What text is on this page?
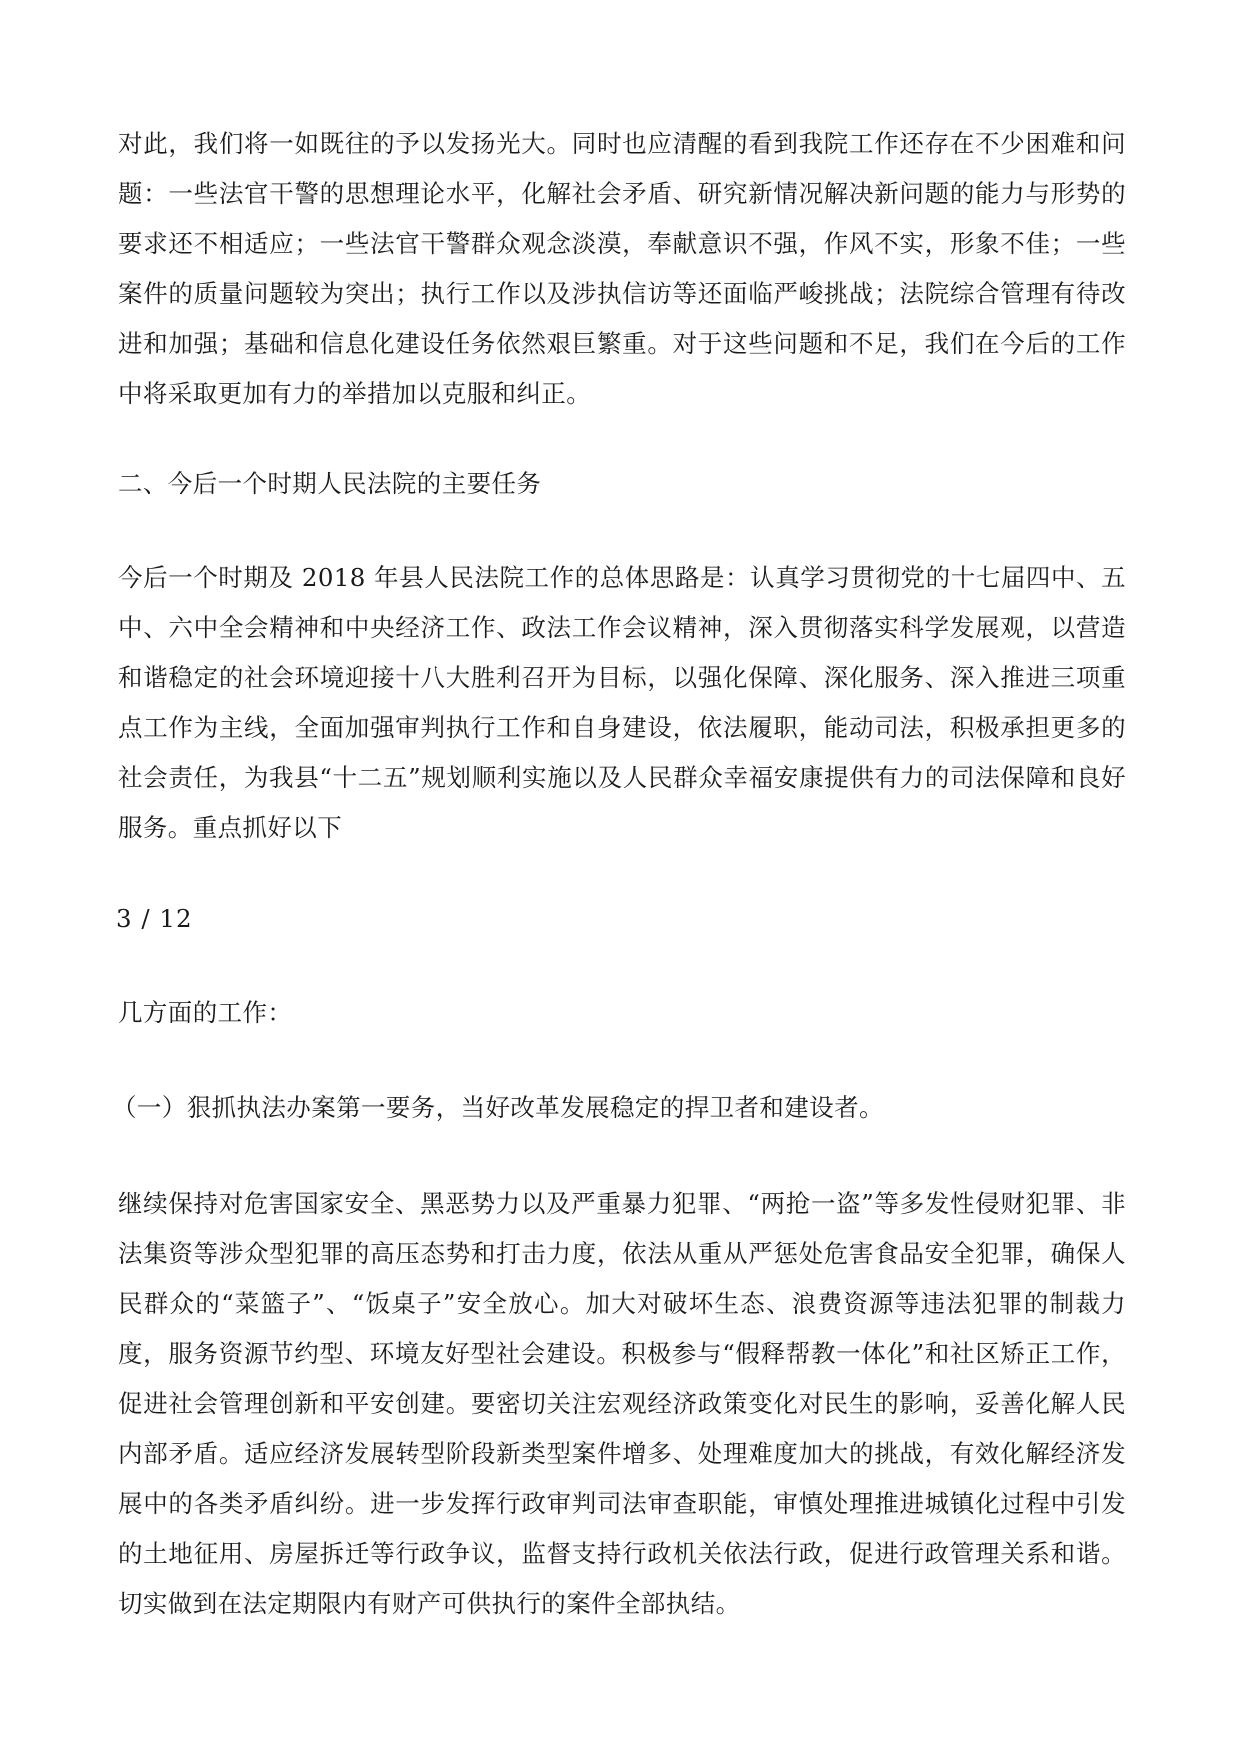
对此，我们将一如既往的予以发扬光大。同时也应清醒的看到我院工作还存在不少困难和问题：一些法官干警的思想理论水平，化解社会矛盾、研究新情况解决新问题的能力与形势的要求还不相适应；一些法官干警群众观念淡漠，奉献意识不强，作风不实，形象不佳；一些案件的质量问题较为突出；执行工作以及涉执信访等还面临严峻挑战；法院综合管理有待改进和加强；基础和信息化建设任务依然艰巨繁重。对于这些问题和不足，我们在今后的工作中将采取更加有力的举措加以克服和纠正。

二、今后一个时期人民法院的主要任务

今后一个时期及 2018 年县人民法院工作的总体思路是：认真学习贯彻党的十七届四中、五中、六中全会精神和中央经济工作、政法工作会议精神，深入贯彻落实科学发展观，以营造和谐稳定的社会环境迎接十八大胜利召开为目标，以强化保障、深化服务、深入推进三项重点工作为主线，全面加强审判执行工作和自身建设，依法履职，能动司法，积极承担更多的社会责任，为我县“十二五”规划顺利实施以及人民群众幸福安康提供有力的司法保障和良好服务。重点抓好以下

3 / 12

几方面的工作：

（一）狠抓执法办案第一要务，当好改革发展稳定的捍卫者和建设者。

继续保持对危害国家安全、黑恶势力以及严重暴力犯罪、“两抢一盗”等多发性侵财犯罪、非法集资等涉众型犯罪的高压态势和打击力度，依法从重从严惩处危害食品安全犯罪，确保人民群众的“菜篮子”、“饭桌子”安全放心。加大对破坏生态、浪费资源等违法犯罪的制裁力度，服务资源节约型、环境友好型社会建设。积极参与“假释帮教一体化”和社区矫正工作，促进社会管理创新和平安创建。要密切关注宏观经济政策变化对民生的影响，妥善化解人民内部矛盾。适应经济发展转型阶段新类型案件增多、处理难度加大的挑战，有效化解经济发展中的各类矛盾纠纷。进一步发挥行政审判司法审查职能，审慎处理推进城镇化过程中引发的土地征用、房屋拆迁等行政争议，监督支持行政机关依法行政，促进行政管理关系和谐。切实做到在法定期限内有财产可供执行的案件全部执结。
